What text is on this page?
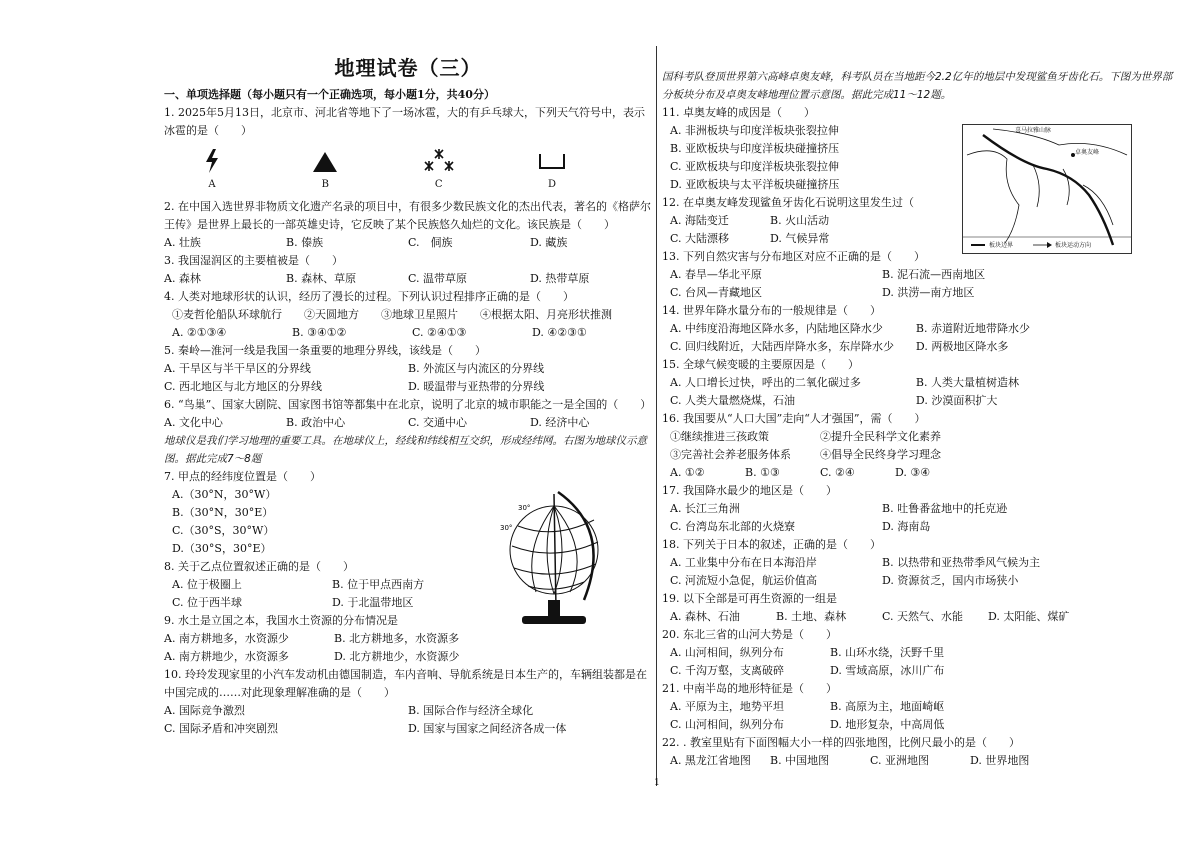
地理试卷（三）

一、单项选择题（每小题只有一个正确选项，每小题1分，共40分）

1. 2025年5月13日，北京市、河北省等地下了一场冰雹，大的有乒乓球大，下列天气符号中，表示冰雹的是（　　）

A	B	C	D

2. 在中国入选世界非物质文化遗产名录的项目中，有很多少数民族文化的杰出代表，著名的《格萨尔王传》是世界上最长的一部英雄史诗，它反映了某个民族悠久灿烂的文化。该民族是（　　）

A. 壮族	B. 傣族	C.　侗族	D. 藏族

3. 我国湿润区的主要植被是（　　）

A. 森林	B. 森林、草原	C. 温带草原	D. 热带草原

4. 人类对地球形状的认识，经历了漫长的过程。下列认识过程排序正确的是（　　）

①麦哲伦船队环球航行　　②天圆地方　　③地球卫星照片　　④根据太阳、月亮形状推测

A. ②①③④	B. ③④①②	C. ②④①③	D. ④②③①

5. 秦岭—淮河一线是我国一条重要的地理分界线，该线是（　　）

A. 干旱区与半干旱区的分界线	B. 外流区与内流区的分界线
C. 西北地区与北方地区的分界线	D. 暖温带与亚热带的分界线

6. “鸟巢”、国家大剧院、国家图书馆等都集中在北京，说明了北京的城市职能之一是全国的（　　）

A. 文化中心	B. 政治中心	C. 交通中心	D. 经济中心

地球仪是我们学习地理的重要工具。在地球仪上，经线和纬线相互交织，形成经纬网。右图为地球仪示意图。据此完成7～8题

7. 甲点的经纬度位置是（　　）

A.（30°N，30°W）
B.（30°N，30°E）
C.（30°S，30°W）
D.（30°S，30°E）

8. 关于乙点位置叙述正确的是（　　）

A. 位于极圈上	B. 位于甲点西南方
C. 位于西半球	D. 于北温带地区

9. 水土是立国之本，我国水土资源的分布情况是

A. 南方耕地多，水资源少	B. 北方耕地多，水资源多
A. 南方耕地少，水资源多	D. 北方耕地少，水资源少

10. 玲玲发现家里的小汽车发动机由德国制造，车内音响、导航系统是日本生产的，车辆组装都是在中国完成的……对此现象理解准确的是（　　）

A. 国际竞争激烈	B. 国际合作与经济全球化
C. 国际矛盾和冲突剧烈	D. 国家与国家之间经济各成一体
30°
30°

国科考队登顶世界第六高峰卓奥友峰，科考队员在当地距今2.2亿年的地层中发现鲨鱼牙齿化石。下图为世界部分板块分布及卓奥友峰地理位置示意图。据此完成11～12题。

11. 卓奥友峰的成因是（　　）

A. 非洲板块与印度洋板块张裂拉伸
B. 亚欧板块与印度洋板块碰撞挤压
C. 亚欧板块与印度洋板块张裂拉伸
D. 亚欧板块与太平洋板块碰撞挤压

12. 在卓奥友峰发现鲨鱼牙齿化石说明这里发生过（

A. 海陆变迁	B. 火山活动
C. 大陆漂移	D. 气候异常
喜马拉雅山脉
卓奥友峰
板块边界	板块运动方向

13. 下列自然灾害与分布地区对应不正确的是（　　）

A. 春旱—华北平原	B. 泥石流—西南地区
C. 台风—青藏地区	D. 洪涝—南方地区

14. 世界年降水量分布的一般规律是（　　）

A. 中纬度沿海地区降水多，内陆地区降水少	B. 赤道附近地带降水少
C. 回归线附近，大陆西岸降水多，东岸降水少	D. 两极地区降水多

15. 全球气候变暖的主要原因是（　　）

A. 人口增长过快，呼出的二氧化碳过多	B. 人类大量植树造林
C. 人类大量燃烧煤，石油	D. 沙漠面积扩大

16. 我国要从“人口大国”走向“人才强国”，需（　　）

①继续推进三孩政策	②提升全民科学文化素养
③完善社会养老服务体系	④倡导全民终身学习理念
A. ①②	B. ①③	C. ②④	D. ③④

17. 我国降水最少的地区是（　　）

A. 长江三角洲	B. 吐鲁番盆地中的托克逊
C. 台湾岛东北部的火烧寮	D. 海南岛

18. 下列关于日本的叙述，正确的是（　　）

A. 工业集中分布在日本海沿岸	B. 以热带和亚热带季风气候为主
C. 河流短小急促，航运价值高	D. 资源贫乏，国内市场狭小

19. 以下全部是可再生资源的一组是

A. 森林、石油	B. 土地、森林	C. 天然气、水能	D. 太阳能、煤矿

20. 东北三省的山河大势是（　　）

A. 山河相间，纵列分布	B. 山环水绕，沃野千里
C. 千沟万壑，支离破碎	D. 雪域高原，冰川广布

21. 中南半岛的地形特征是（　　）

A. 平原为主，地势平坦	B. 高原为主，地面崎岖
C. 山河相间，纵列分布	D. 地形复杂，中高周低

22. . 教室里贴有下面图幅大小一样的四张地图，比例尺最小的是（　　）

A. 黑龙江省地图	B. 中国地图	C. 亚洲地图	D. 世界地图
1
